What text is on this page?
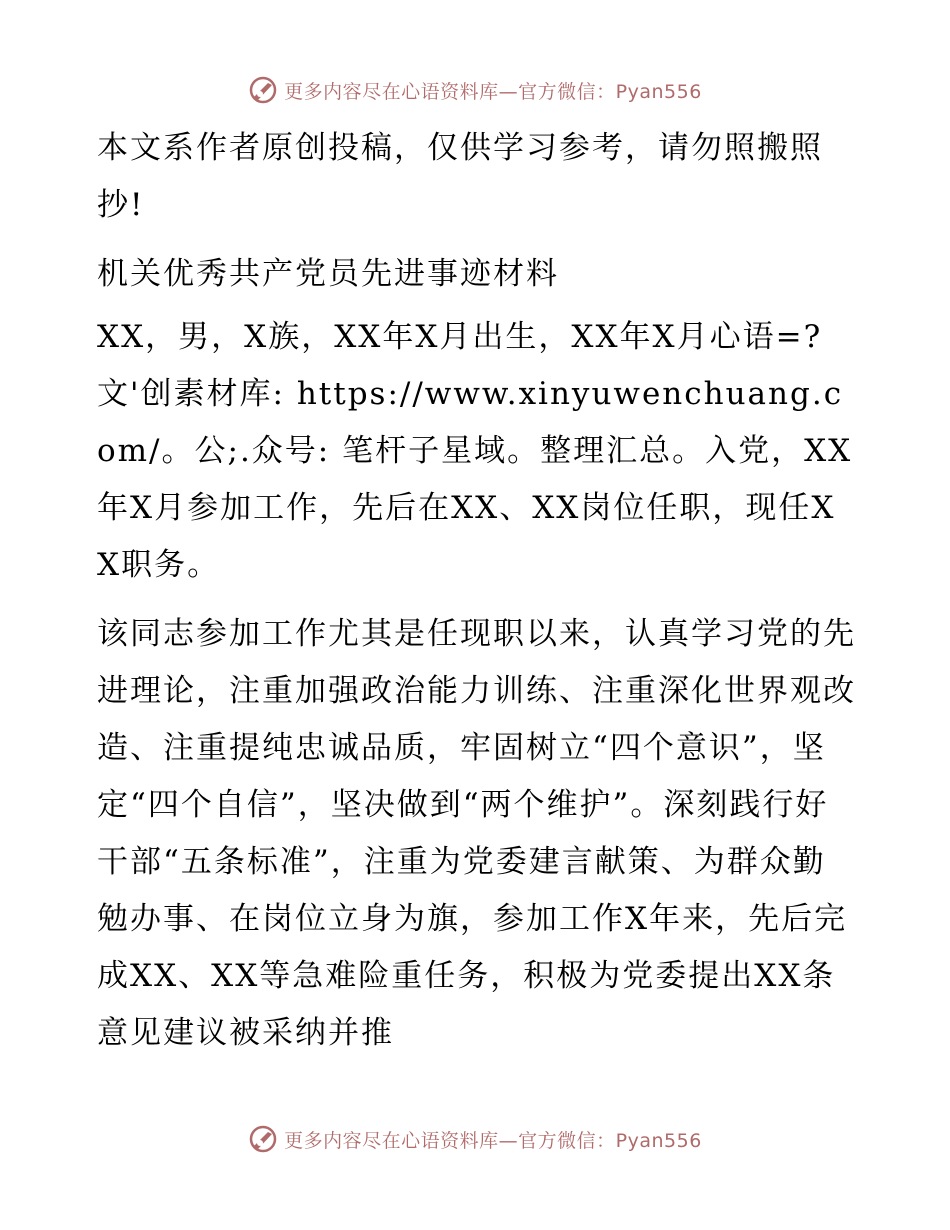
更多内容尽在心语资料库—官方微信：Pyan556

本文系作者原创投稿，仅供学习参考，请勿照搬照抄!

机关优秀共产党员先进事迹材料

XX，男，X族，XX年X月出生，XX年X月心语=?文'创素材库: https://www.xinyuwenchuang.com/。公;.众号: 笔杆子星域。整理汇总。入党，XX年X月参加工作，先后在XX、XX岗位任职，现任XX职务。

该同志参加工作尤其是任现职以来，认真学习党的先进理论，注重加强政治能力训练、注重深化世界观改造、注重提纯忠诚品质，牢固树立“四个意识”，坚定“四个自信”，坚决做到“两个维护”。深刻践行好干部“五条标准”，注重为党委建言献策、为群众勤勉办事、在岗位立身为旗，参加工作X年来，先后完成XX、XX等急难险重任务，积极为党委提出XX条意见建议被采纳并推

更多内容尽在心语资料库—官方微信：Pyan556
